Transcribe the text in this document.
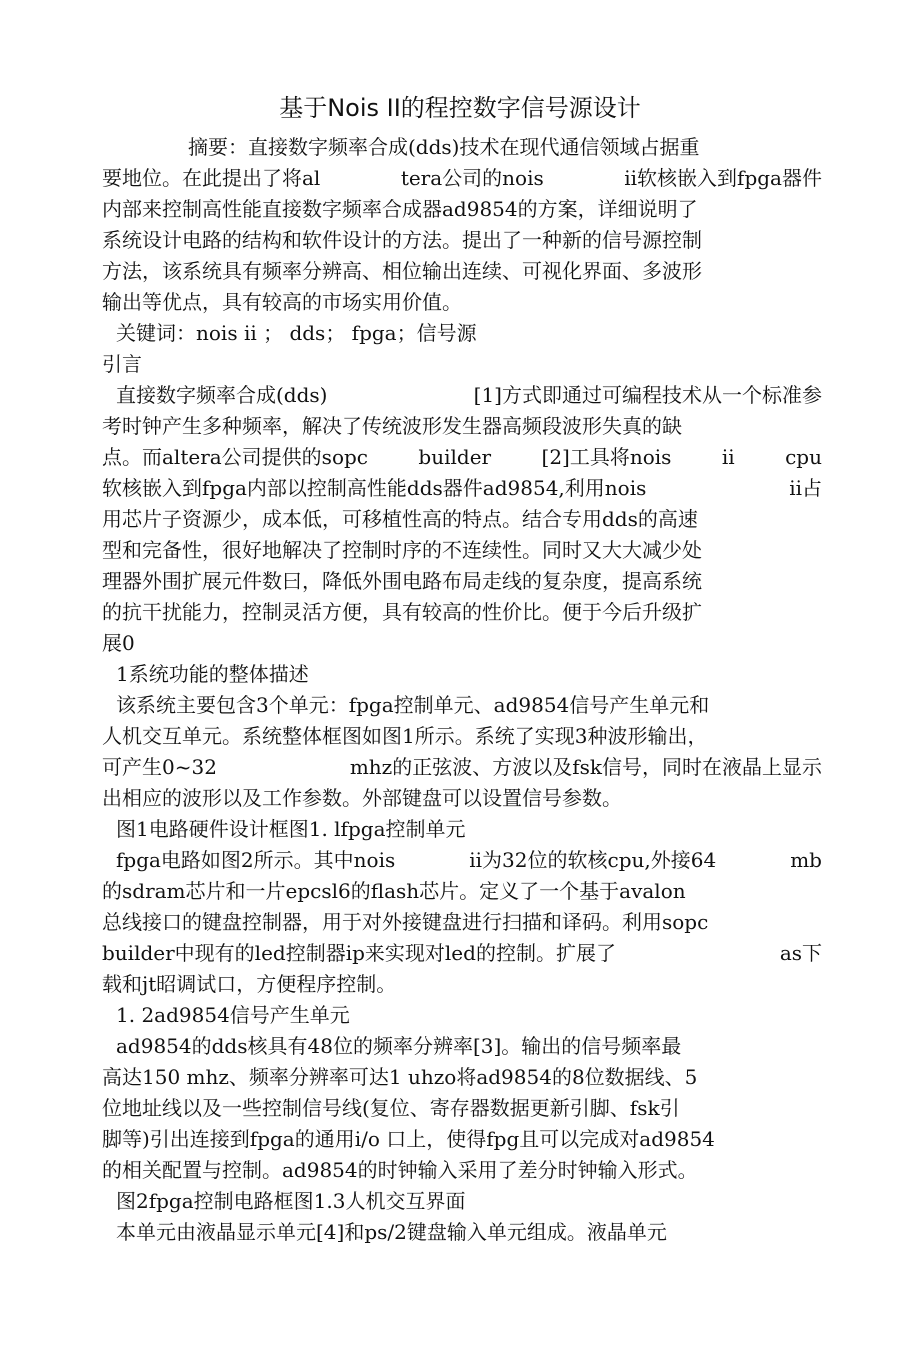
基于Nois II的程控数字信号源设计
摘要：直接数字频率合成(dds)技术在现代通信领域占据重
要地位。在此提出了将al	tera公司的nois	ii软核嵌入到fpga器件
内部来控制高性能直接数字频率合成器ad9854的方案，详细说明了
系统设计电路的结构和软件设计的方法。提出了一种新的信号源控制
方法，该系统具有频率分辨高、相位输出连续、可视化界面、多波形
输出等优点，具有较高的市场实用价值。
关键词：nois ii ； dds； fpga；信号源
引言
直接数字频率合成(dds)	[1]方式即通过可编程技术从一个标准参
考时钟产生多种频率，解决了传统波形发生器高频段波形失真的缺
点。而altera公司提供的sopc	builder	[2]工具将nois	ii	cpu
软核嵌入到fpga内部以控制高性能dds器件ad9854,利用nois	ii占
用芯片子资源少，成本低，可移植性高的特点。结合专用dds的高速
型和完备性，很好地解决了控制时序的不连续性。同时又大大减少处
理器外围扩展元件数曰，降低外围电路布局走线的复杂度，提高系统
的抗干扰能力，控制灵活方便，具有较高的性价比。便于今后升级扩
展0
1系统功能的整体描述
该系统主要包含3个单元：fpga控制单元、ad9854信号产生单元和
人机交互单元。系统整体框图如图1所示。系统了实现3种波形输出，
可产生0~32	mhz的正弦波、方波以及fsk信号，同时在液晶上显示
出相应的波形以及工作参数。外部键盘可以设置信号参数。
图1电路硬件设计框图1. lfpga控制单元
fpga电路如图2所示。其中nois	ii为32位的软核cpu,外接64	mb
的sdram芯片和一片epcsl6的flash芯片。定义了一个基于avalon
总线接口的键盘控制器，用于对外接键盘进行扫描和译码。利用sopc
builder中现有的led控制器ip来实现对led的控制。扩展了	as下
载和jt昭调试口，方便程序控制。
1. 2ad9854信号产生单元
ad9854的dds核具有48位的频率分辨率[3]。输出的信号频率最
高达150 mhz、频率分辨率可达1 uhzo将ad9854的8位数据线、5
位地址线以及一些控制信号线(复位、寄存器数据更新引脚、fsk引
脚等)引出连接到fpga的通用i/o 口上，使得fpg且可以完成对ad9854
的相关配置与控制。ad9854的时钟输入采用了差分时钟输入形式。
图2fpga控制电路框图1.3人机交互界面
本单元由液晶显示单元[4]和ps/2键盘输入单元组成。液晶单元
